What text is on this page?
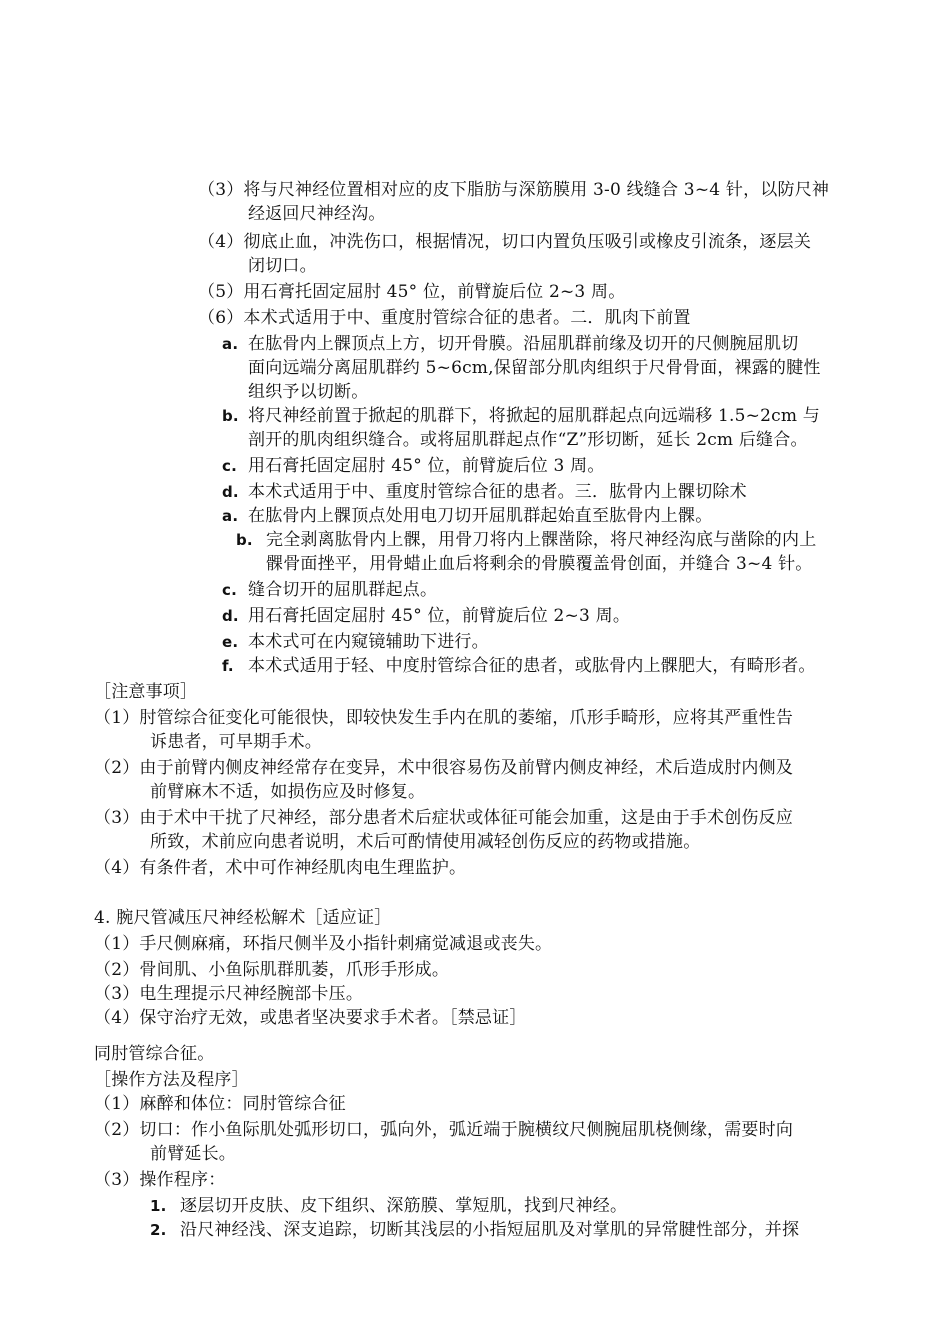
（3）将与尺神经位置相对应的皮下脂肪与深筋膜用 3-0 线缝合 3~4 针，以防尺神
经返回尺神经沟。
（4）彻底止血，冲洗伤口，根据情况，切口内置负压吸引或橡皮引流条，逐层关
闭切口。
（5）用石膏托固定屈肘 45° 位，前臂旋后位 2~3 周。
（6）本术式适用于中、重度肘管综合征的患者。二．肌肉下前置
a. 在肱骨内上髁顶点上方，切开骨膜。沿屈肌群前缘及切开的尺侧腕屈肌切
面向远端分离屈肌群约 5~6cm,保留部分肌肉组织于尺骨骨面，裸露的腱性
组织予以切断。
b. 将尺神经前置于掀起的肌群下，将掀起的屈肌群起点向远端移 1.5~2cm 与
剖开的肌肉组织缝合。或将屈肌群起点作“Z”形切断，延长 2cm 后缝合。
c. 用石膏托固定屈肘 45° 位，前臂旋后位 3 周。
d. 本术式适用于中、重度肘管综合征的患者。三．肱骨内上髁切除术
a. 在肱骨内上髁顶点处用电刀切开屈肌群起始直至肱骨内上髁。
b. 完全剥离肱骨内上髁，用骨刀将内上髁凿除，将尺神经沟底与凿除的内上
髁骨面挫平，用骨蜡止血后将剩余的骨膜覆盖骨创面，并缝合 3~4 针。
c. 缝合切开的屈肌群起点。
d. 用石膏托固定屈肘 45° 位，前臂旋后位 2~3 周。
e. 本术式可在内窥镜辅助下进行。
f. 本术式适用于轻、中度肘管综合征的患者，或肱骨内上髁肥大，有畸形者。
［注意事项］
（1）肘管综合征变化可能很快，即较快发生手内在肌的萎缩，爪形手畸形，应将其严重性告
诉患者，可早期手术。
（2）由于前臂内侧皮神经常存在变异，术中很容易伤及前臂内侧皮神经，术后造成肘内侧及
前臂麻木不适，如损伤应及时修复。
（3）由于术中干扰了尺神经，部分患者术后症状或体征可能会加重，这是由于手术创伤反应
所致，术前应向患者说明，术后可酌情使用减轻创伤反应的药物或措施。
（4）有条件者，术中可作神经肌肉电生理监护。
4. 腕尺管减压尺神经松解术［适应证］
（1）手尺侧麻痛，环指尺侧半及小指针刺痛觉减退或丧失。
（2）骨间肌、小鱼际肌群肌萎，爪形手形成。
（3）电生理提示尺神经腕部卡压。
（4）保守治疗无效，或患者坚决要求手术者。［禁忌证］
同肘管综合征。
［操作方法及程序］
（1）麻醉和体位：同肘管综合征
（2）切口：作小鱼际肌处弧形切口，弧向外，弧近端于腕横纹尺侧腕屈肌桡侧缘，需要时向
前臂延长。
（3）操作程序：
1. 逐层切开皮肤、皮下组织、深筋膜、掌短肌，找到尺神经。
2. 沿尺神经浅、深支追踪，切断其浅层的小指短屈肌及对掌肌的异常腱性部分，并探
